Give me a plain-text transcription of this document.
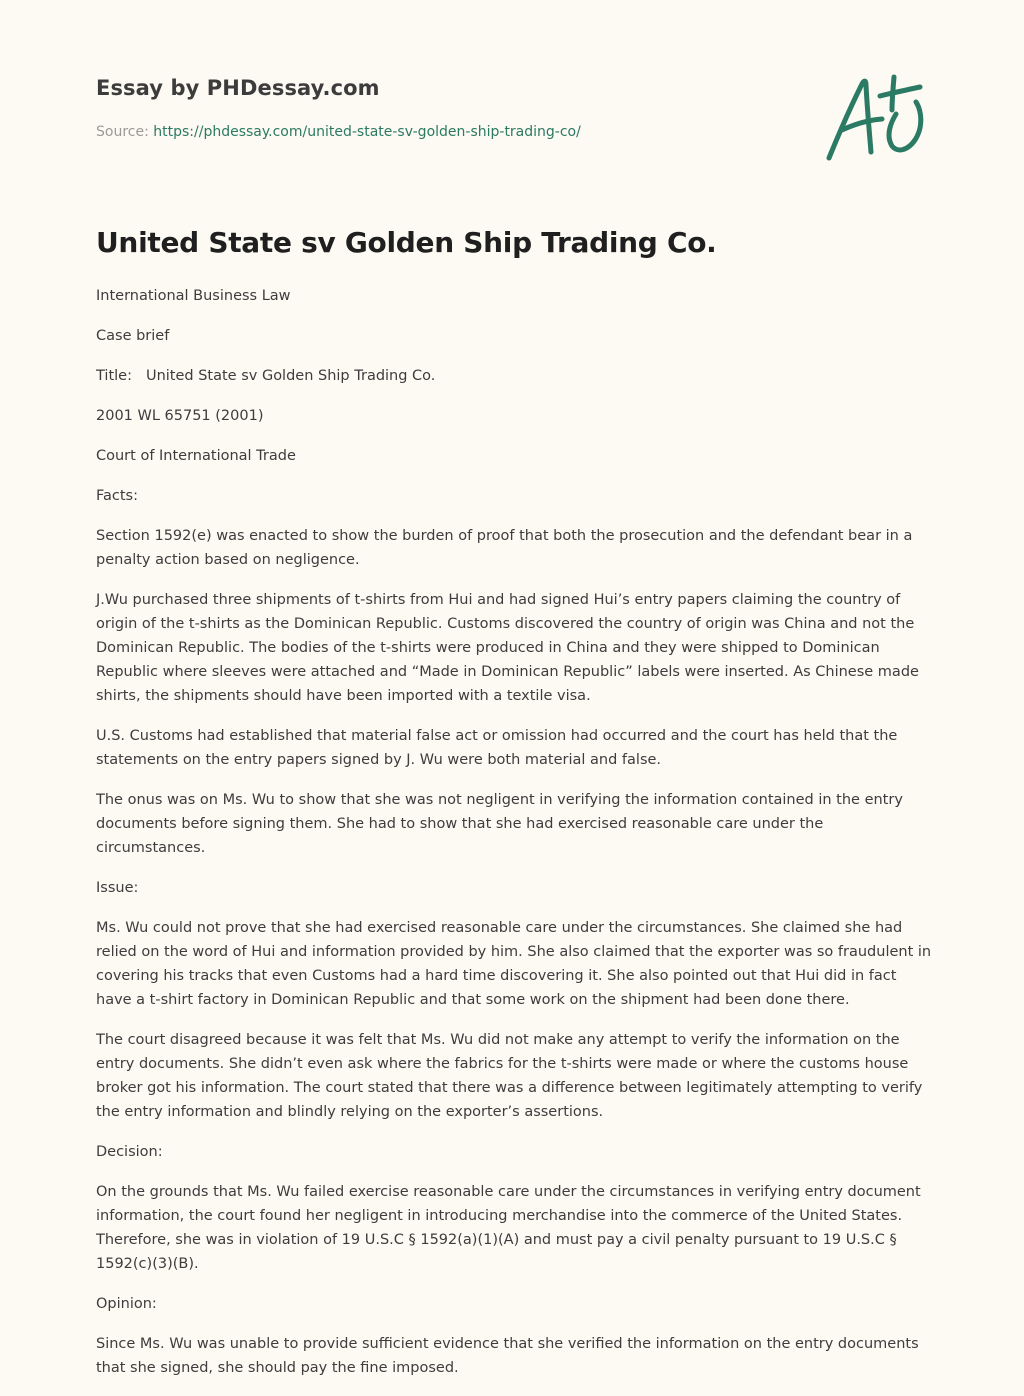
Essay by PHDessay.com
Source: https://phdessay.com/united-state-sv-golden-ship-trading-co/
United State sv Golden Ship Trading Co.

International Business Law

Case brief

Title: United State sv Golden Ship Trading Co.

2001 WL 65751 (2001)

Court of International Trade

Facts:

Section 1592(e) was enacted to show the burden of proof that both the prosecution and the defendant bear in a penalty action based on negligence.

J.Wu purchased three shipments of t-shirts from Hui and had signed Hui’s entry papers claiming the country of origin of the t-shirts as the Dominican Republic. Customs discovered the country of origin was China and not the Dominican Republic. The bodies of the t-shirts were produced in China and they were shipped to Dominican Republic where sleeves were attached and “Made in Dominican Republic” labels were inserted. As Chinese made shirts, the shipments should have been imported with a textile visa.

U.S. Customs had established that material false act or omission had occurred and the court has held that the statements on the entry papers signed by J. Wu were both material and false.

The onus was on Ms. Wu to show that she was not negligent in verifying the information contained in the entry documents before signing them. She had to show that she had exercised reasonable care under the circumstances.

Issue:

Ms. Wu could not prove that she had exercised reasonable care under the circumstances. She claimed she had relied on the word of Hui and information provided by him. She also claimed that the exporter was so fraudulent in covering his tracks that even Customs had a hard time discovering it. She also pointed out that Hui did in fact have a t-shirt factory in Dominican Republic and that some work on the shipment had been done there.

The court disagreed because it was felt that Ms. Wu did not make any attempt to verify the information on the entry documents. She didn’t even ask where the fabrics for the t-shirts were made or where the customs house broker got his information. The court stated that there was a difference between legitimately attempting to verify the entry information and blindly relying on the exporter’s assertions.

Decision:

On the grounds that Ms. Wu failed exercise reasonable care under the circumstances in verifying entry document information, the court found her negligent in introducing merchandise into the commerce of the United States. Therefore, she was in violation of 19 U.S.C § 1592(a)(1)(A) and must pay a civil penalty pursuant to 19 U.S.C § 1592(c)(3)(B).

Opinion:

Since Ms. Wu was unable to provide sufficient evidence that she verified the information on the entry documents that she signed, she should pay the fine imposed.
